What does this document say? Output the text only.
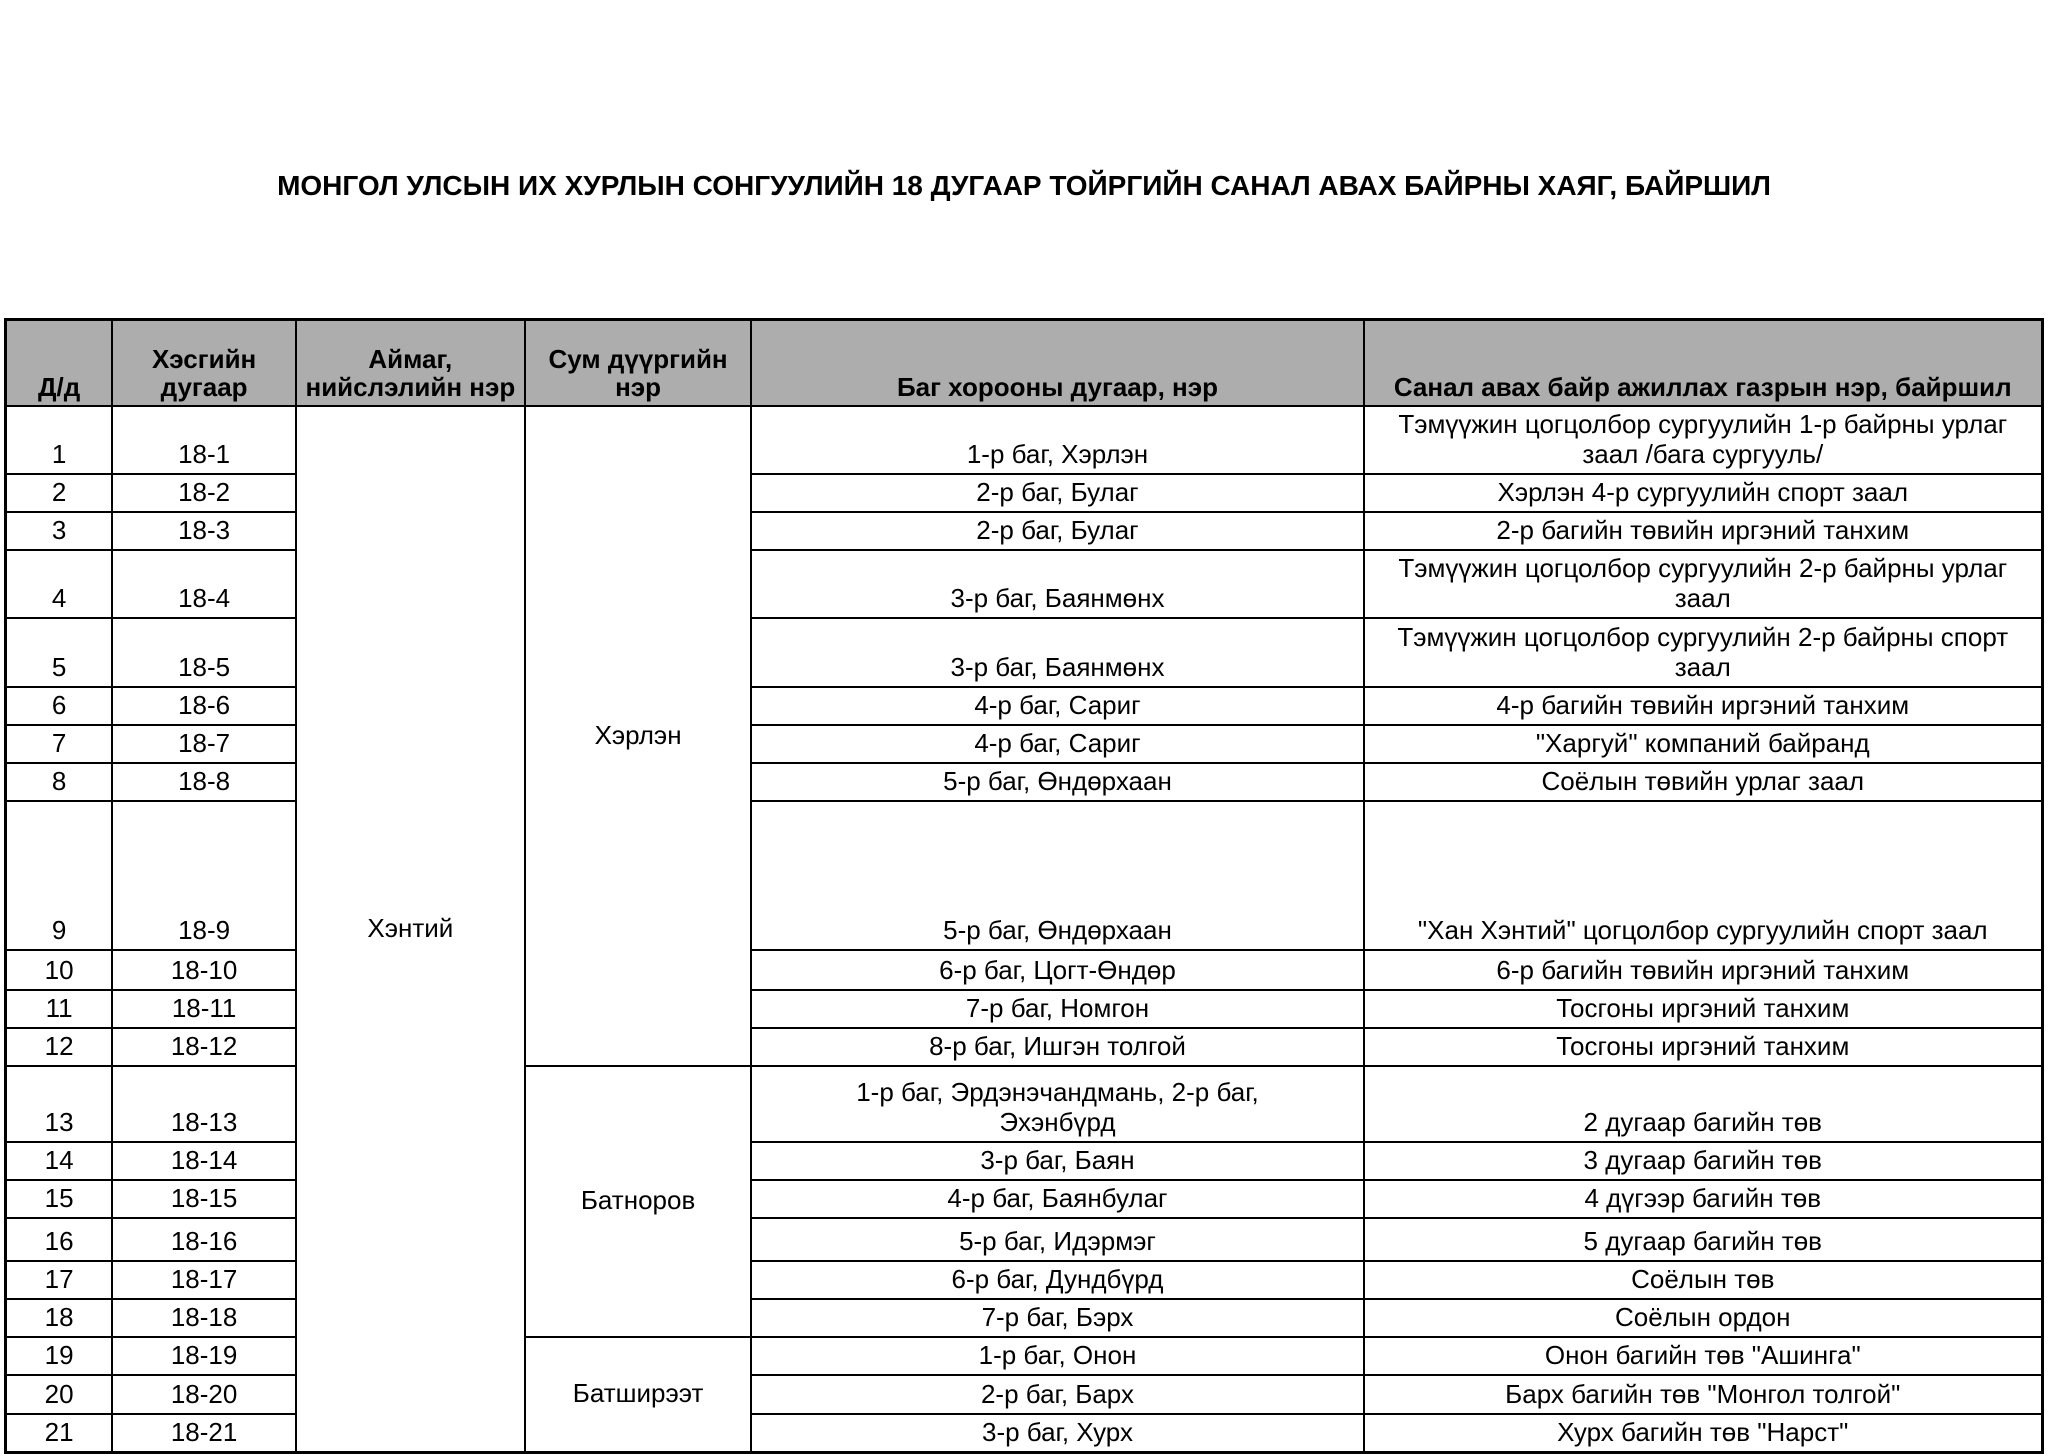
МОНГОЛ УЛСЫН ИХ ХУРЛЫН СОНГУУЛИЙН 18 ДУГААР ТОЙРГИЙН САНАЛ АВАХ БАЙРНЫ ХАЯГ, БАЙРШИЛ
Д/д	Хэсгийн дугаар	Аймаг, нийслэлийн нэр	Сум дүүргийн нэр	Баг хорооны дугаар, нэр	Санал авах байр ажиллах газрын нэр, байршил
1	18-1	Хэнтий	Хэрлэн	1-р баг, Хэрлэн	Тэмүүжин цогцолбор сургуулийн 1-р байрны урлаг заал /бага сургууль/
2	18-2			2-р баг, Булаг	Хэрлэн 4-р сургуулийн спорт заал
3	18-3			2-р баг, Булаг	2-р багийн төвийн иргэний танхим
4	18-4			3-р баг, Баянмөнх	Тэмүүжин цогцолбор сургуулийн 2-р байрны урлаг заал
5	18-5			3-р баг, Баянмөнх	Тэмүүжин цогцолбор сургуулийн 2-р байрны спорт заал
6	18-6			4-р баг, Сариг	4-р багийн төвийн иргэний танхим
7	18-7			4-р баг, Сариг	"Харгуй" компаний байранд
8	18-8			5-р баг, Өндөрхаан	Соёлын төвийн урлаг заал
9	18-9			5-р баг, Өндөрхаан	"Хан Хэнтий" цогцолбор сургуулийн спорт заал
10	18-10			6-р баг, Цогт-Өндөр	6-р багийн төвийн иргэний танхим
11	18-11			7-р баг, Номгон	Тосгоны иргэний танхим
12	18-12			8-р баг, Ишгэн толгой	Тосгоны иргэний танхим
13	18-13		Батноров	1-р баг, Эрдэнэчандмань, 2-р баг, Эхэнбүрд	2 дугаар багийн төв
14	18-14			3-р баг, Баян	3 дугаар багийн төв
15	18-15			4-р баг, Баянбулаг	4 дүгээр багийн төв
16	18-16			5-р баг, Идэрмэг	5 дугаар багийн төв
17	18-17			6-р баг, Дундбүрд	Соёлын төв
18	18-18			7-р баг, Бэрх	Соёлын ордон
19	18-19		Батширээт	1-р баг, Онон	Онон багийн төв "Ашинга"
20	18-20			2-р баг, Барх	Барх багийн төв "Монгол толгой"
21	18-21			3-р баг, Хурх	Хурх багийн төв "Нарст"
